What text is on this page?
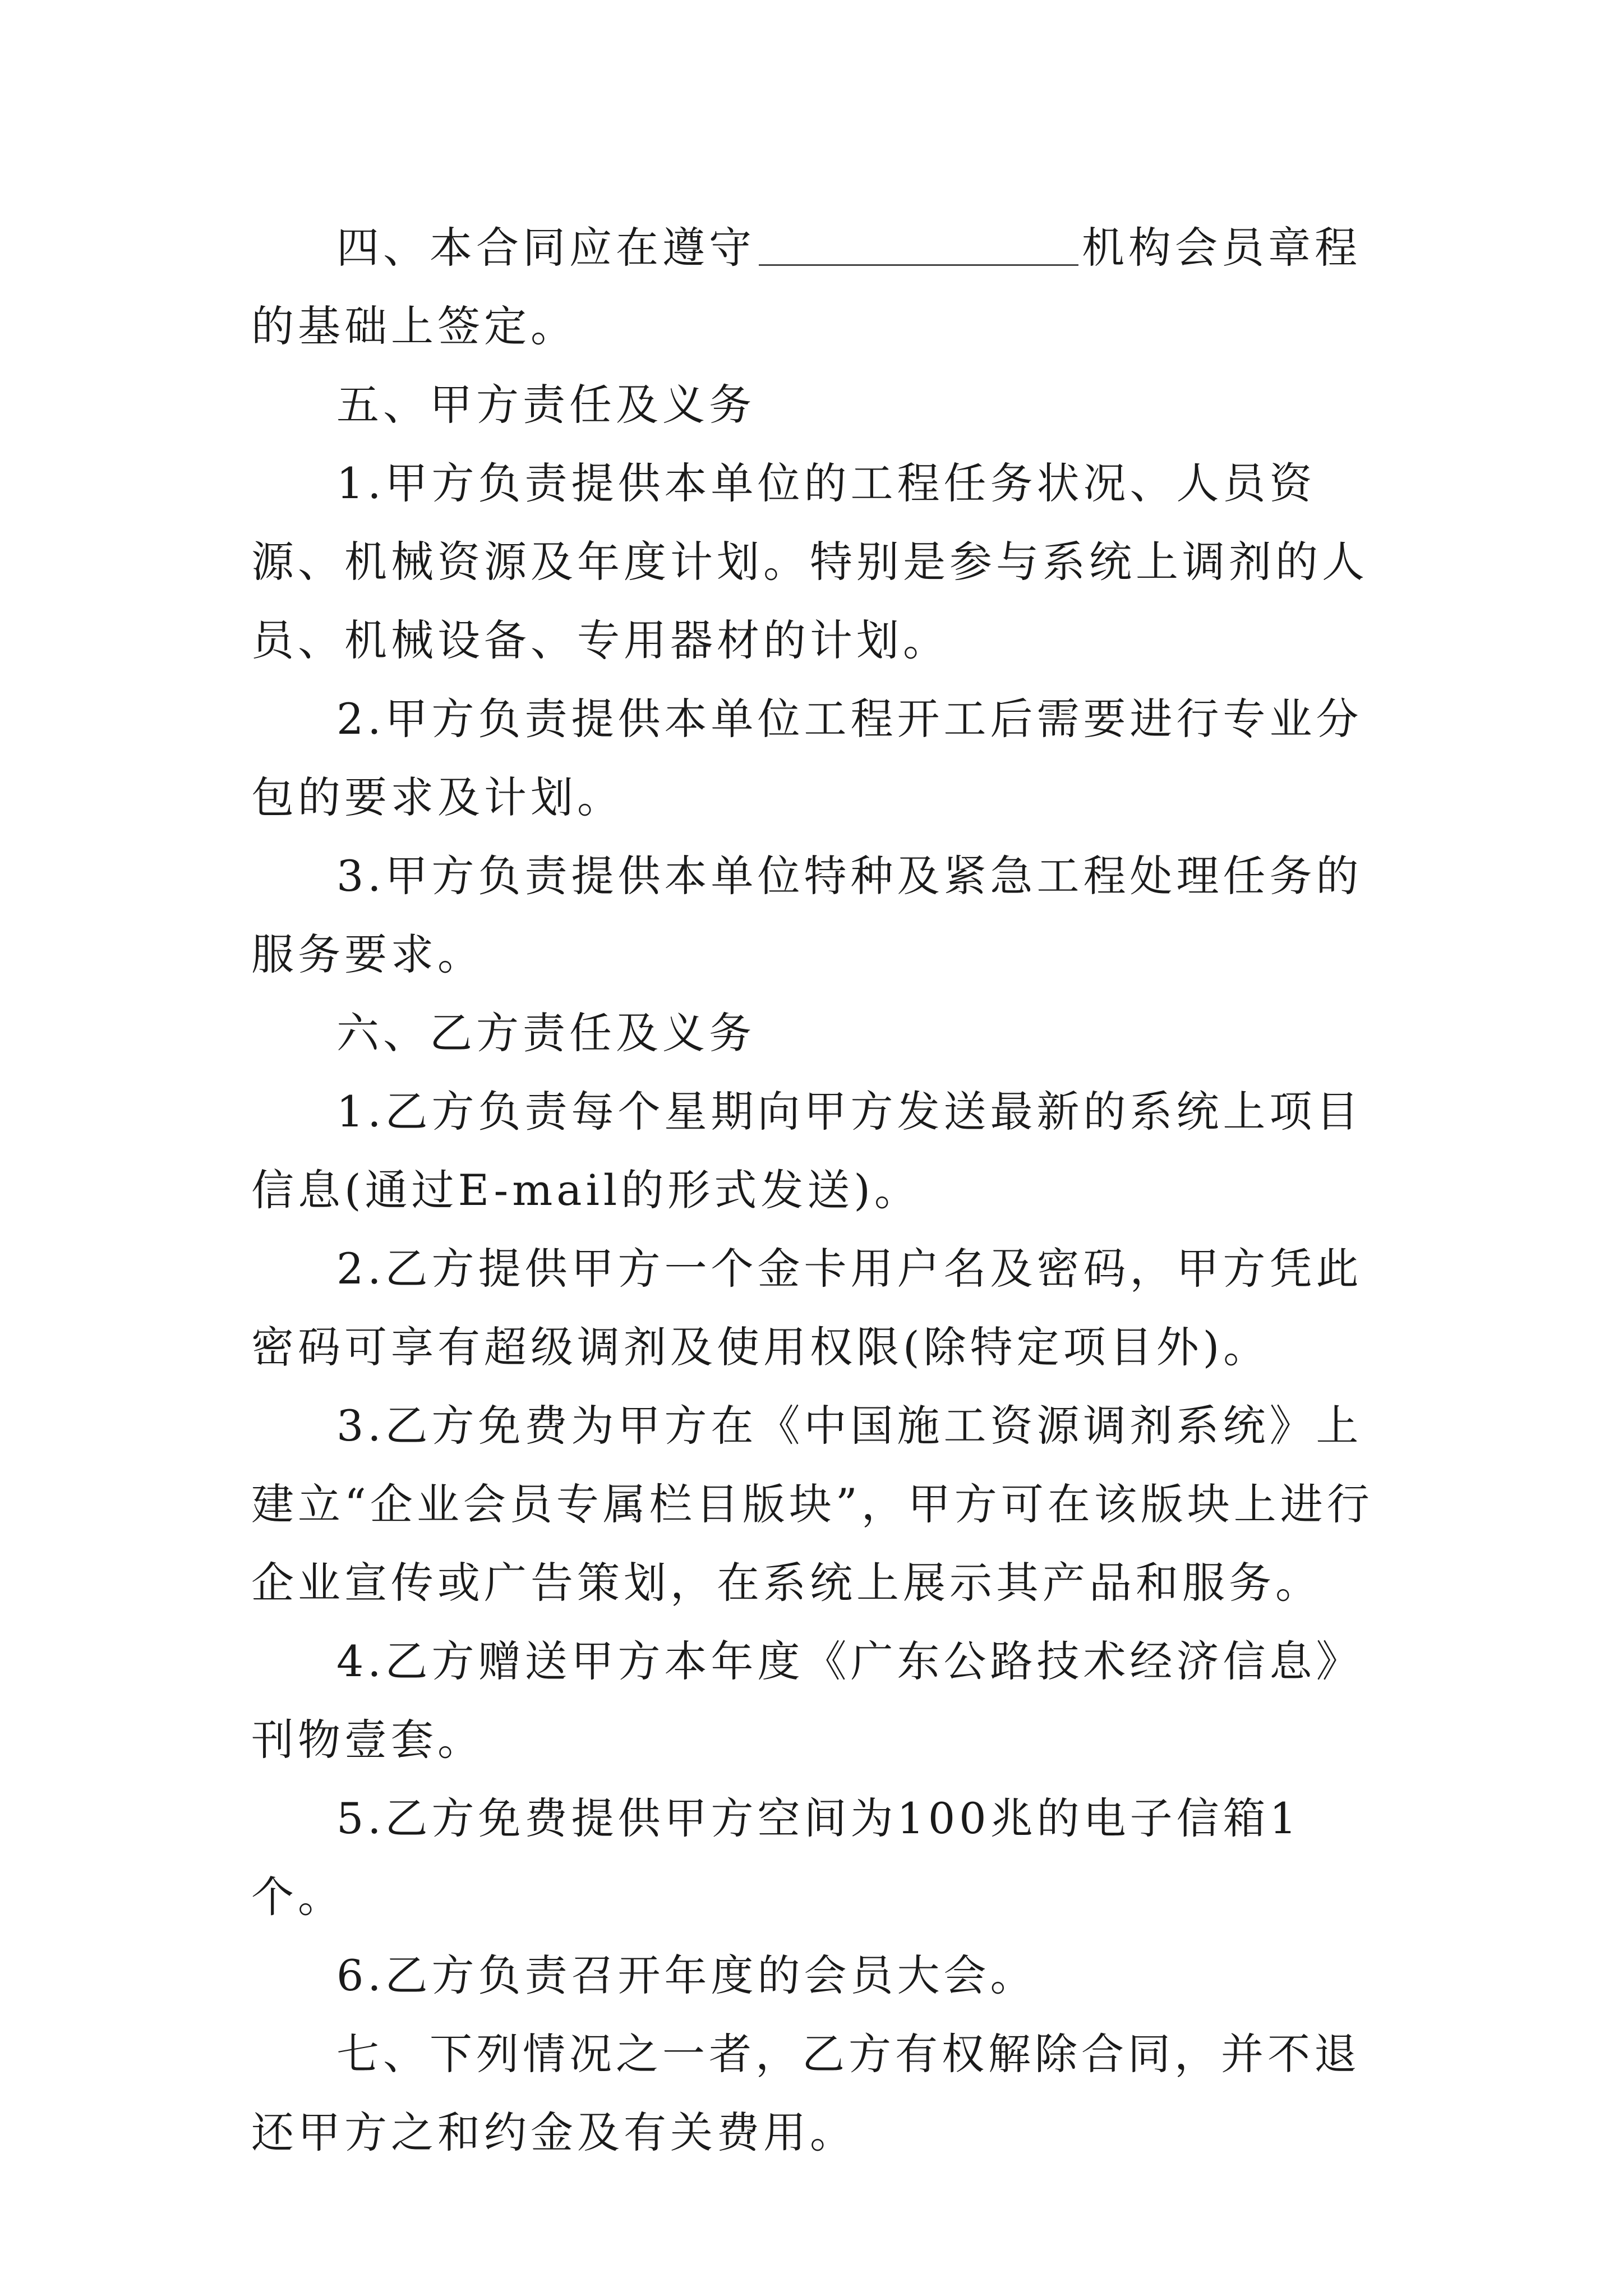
四、本合同应在遵守	机构会员章程的基础上签定。

五、甲方责任及义务

1.甲方负责提供本单位的工程任务状况、人员资源、机械资源及年度计划。特别是参与系统上调剂的人员、机械设备、专用器材的计划。

2.甲方负责提供本单位工程开工后需要进行专业分包的要求及计划。

3.甲方负责提供本单位特种及紧急工程处理任务的服务要求。

六、乙方责任及义务

1.乙方负责每个星期向甲方发送最新的系统上项目信息(通过E-mail的形式发送)。

2.乙方提供甲方一个金卡用户名及密码，甲方凭此密码可享有超级调剂及使用权限(除特定项目外)。

3.乙方免费为甲方在《中国施工资源调剂系统》上建立“企业会员专属栏目版块”，甲方可在该版块上进行企业宣传或广告策划，在系统上展示其产品和服务。

4.乙方赠送甲方本年度《广东公路技术经济信息》刊物壹套。

5.乙方免费提供甲方空间为100兆的电子信箱1个。

6.乙方负责召开年度的会员大会。

七、下列情况之一者，乙方有权解除合同，并不退还甲方之和约金及有关费用。
